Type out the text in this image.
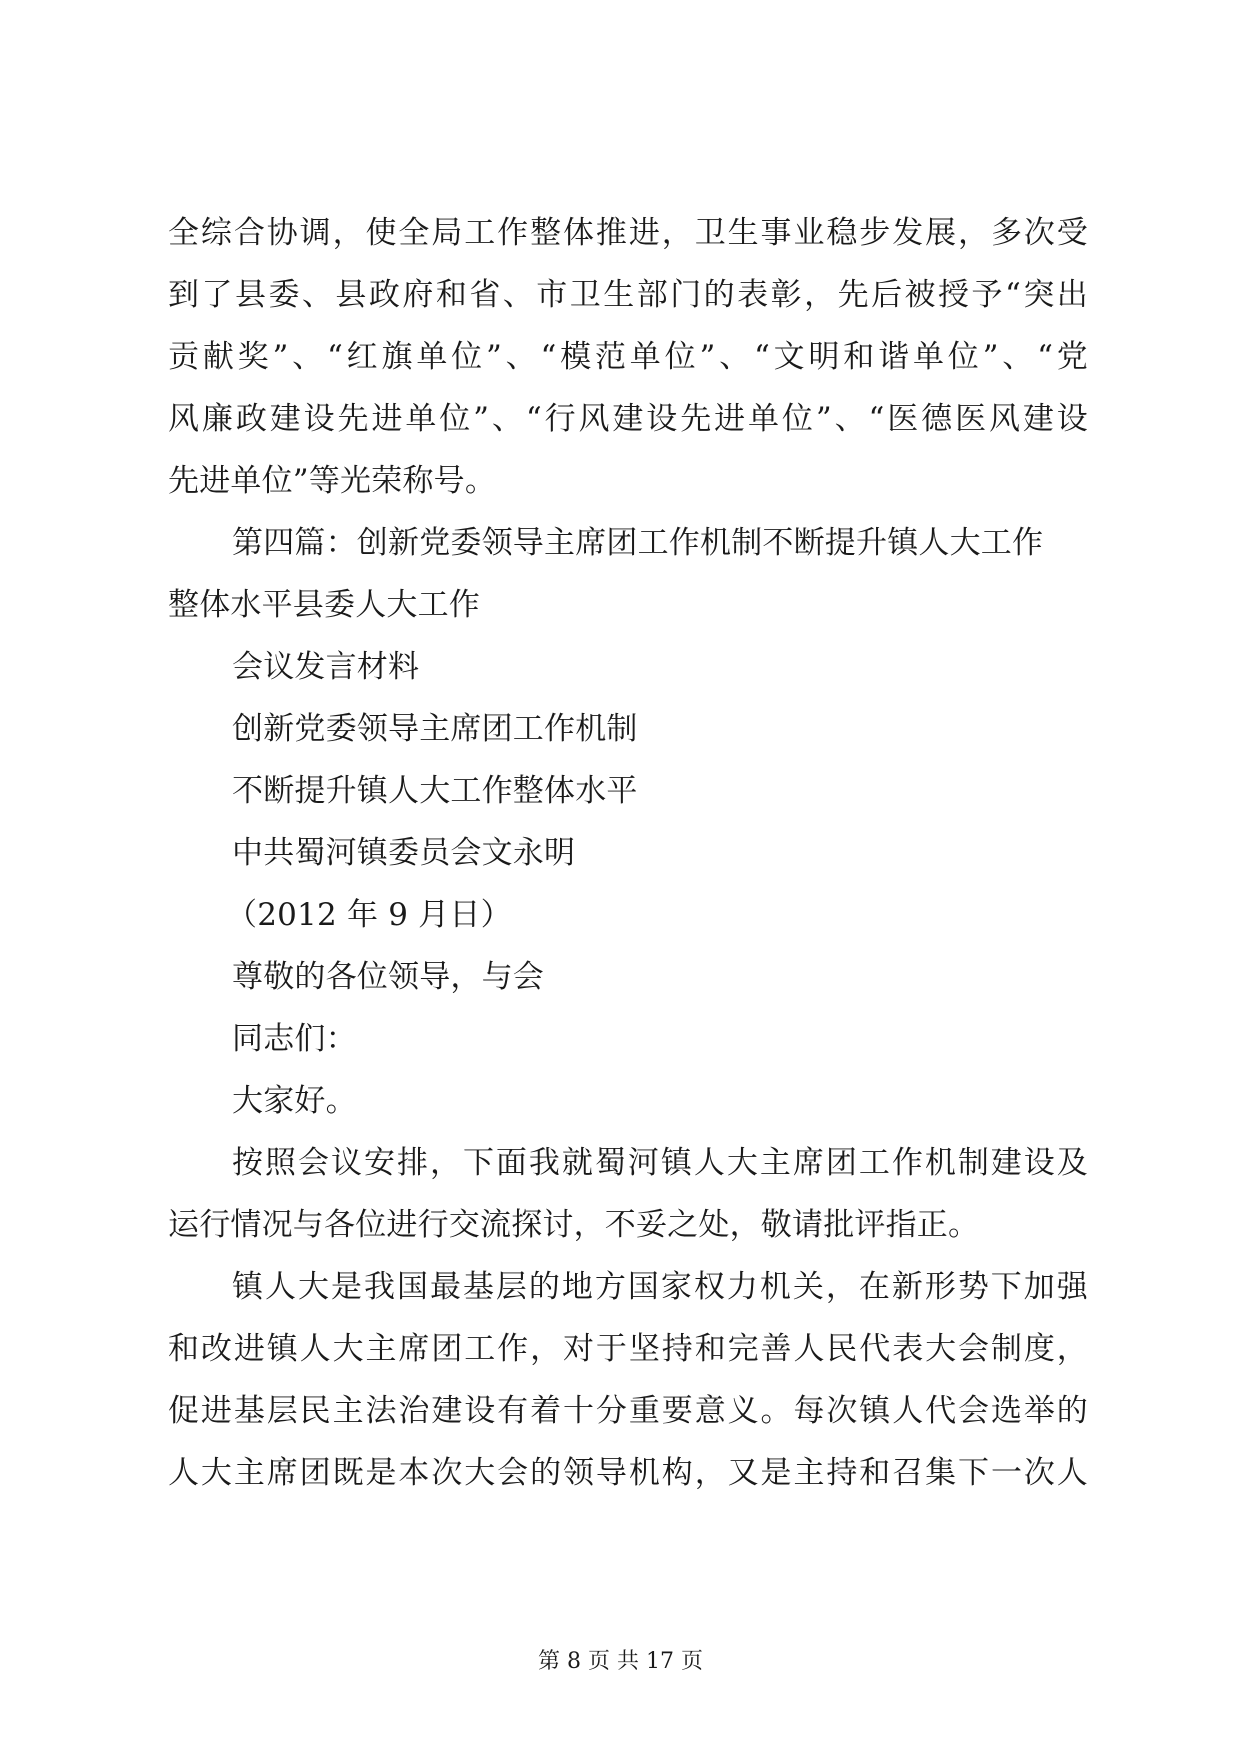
全综合协调，使全局工作整体推进，卫生事业稳步发展，多次受
到了县委、县政府和省、市卫生部门的表彰，先后被授予“突出
贡献奖”、“红旗单位”、“模范单位”、“文明和谐单位”、“党
风廉政建设先进单位”、“行风建设先进单位”、“医德医风建设
先进单位”等光荣称号。
第四篇：创新党委领导主席团工作机制不断提升镇人大工作
整体水平县委人大工作
会议发言材料
创新党委领导主席团工作机制
不断提升镇人大工作整体水平
中共蜀河镇委员会文永明
（2012 年 9 月日）
尊敬的各位领导，与会
同志们：
大家好。
按照会议安排，下面我就蜀河镇人大主席团工作机制建设及
运行情况与各位进行交流探讨，不妥之处，敬请批评指正。
镇人大是我国最基层的地方国家权力机关，在新形势下加强
和改进镇人大主席团工作，对于坚持和完善人民代表大会制度，
促进基层民主法治建设有着十分重要意义。每次镇人代会选举的
人大主席团既是本次大会的领导机构，又是主持和召集下一次人
第 8 页 共 17 页
